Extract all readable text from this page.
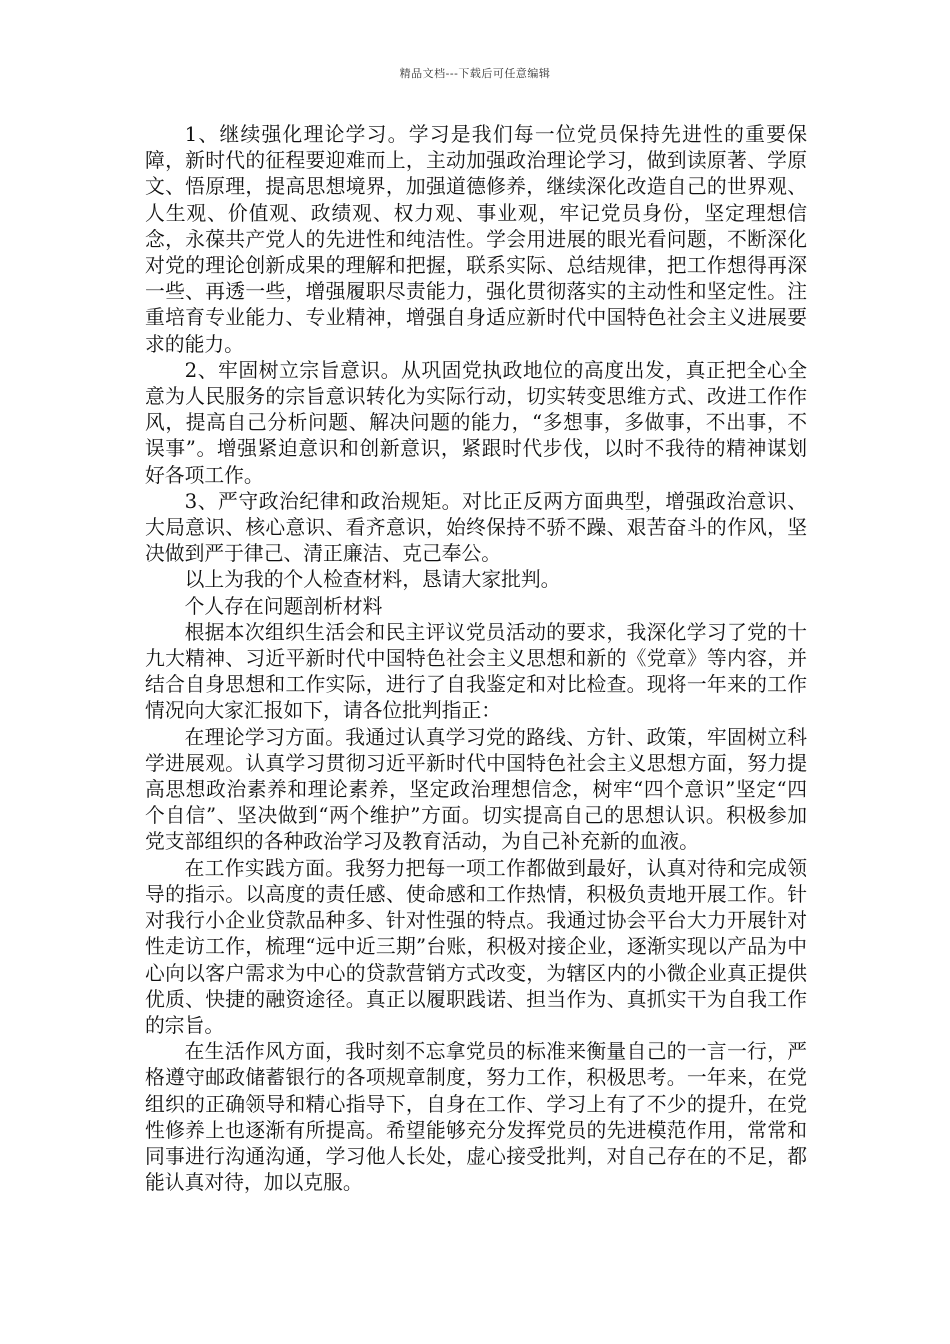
精品文档---下载后可任意编辑

1、继续强化理论学习。学习是我们每一位党员保持先进性的重要保障，新时代的征程要迎难而上，主动加强政治理论学习，做到读原著、学原文、悟原理，提高思想境界，加强道德修养，继续深化改造自己的世界观、人生观、价值观、政绩观、权力观、事业观，牢记党员身份，坚定理想信念，永葆共产党人的先进性和纯洁性。学会用进展的眼光看问题，不断深化对党的理论创新成果的理解和把握，联系实际、总结规律，把工作想得再深一些、再透一些，增强履职尽责能力，强化贯彻落实的主动性和坚定性。注重培育专业能力、专业精神，增强自身适应新时代中国特色社会主义进展要求的能力。

2、牢固树立宗旨意识。从巩固党执政地位的高度出发，真正把全心全意为人民服务的宗旨意识转化为实际行动，切实转变思维方式、改进工作作风，提高自己分析问题、解决问题的能力，“多想事，多做事，不出事，不误事”。增强紧迫意识和创新意识，紧跟时代步伐，以时不我待的精神谋划好各项工作。

3、严守政治纪律和政治规矩。对比正反两方面典型，增强政治意识、大局意识、核心意识、看齐意识，始终保持不骄不躁、艰苦奋斗的作风，坚决做到严于律己、清正廉洁、克己奉公。

以上为我的个人检查材料，恳请大家批判。

个人存在问题剖析材料

根据本次组织生活会和民主评议党员活动的要求，我深化学习了党的十九大精神、习近平新时代中国特色社会主义思想和新的《党章》等内容，并结合自身思想和工作实际，进行了自我鉴定和对比检查。现将一年来的工作情况向大家汇报如下，请各位批判指正：

在理论学习方面。我通过认真学习党的路线、方针、政策，牢固树立科学进展观。认真学习贯彻习近平新时代中国特色社会主义思想方面，努力提高思想政治素养和理论素养，坚定政治理想信念，树牢“四个意识”坚定“四个自信”、坚决做到“两个维护”方面。切实提高自己的思想认识。积极参加党支部组织的各种政治学习及教育活动，为自己补充新的血液。

在工作实践方面。我努力把每一项工作都做到最好，认真对待和完成领导的指示。以高度的责任感、使命感和工作热情，积极负责地开展工作。针对我行小企业贷款品种多、针对性强的特点。我通过协会平台大力开展针对性走访工作，梳理“远中近三期”台账，积极对接企业，逐渐实现以产品为中心向以客户需求为中心的贷款营销方式改变，为辖区内的小微企业真正提供优质、快捷的融资途径。真正以履职践诺、担当作为、真抓实干为自我工作的宗旨。

在生活作风方面，我时刻不忘拿党员的标准来衡量自己的一言一行，严格遵守邮政储蓄银行的各项规章制度，努力工作，积极思考。一年来，在党组织的正确领导和精心指导下，自身在工作、学习上有了不少的提升，在党性修养上也逐渐有所提高。希望能够充分发挥党员的先进模范作用，常常和同事进行沟通沟通，学习他人长处，虚心接受批判，对自己存在的不足，都能认真对待，加以克服。
